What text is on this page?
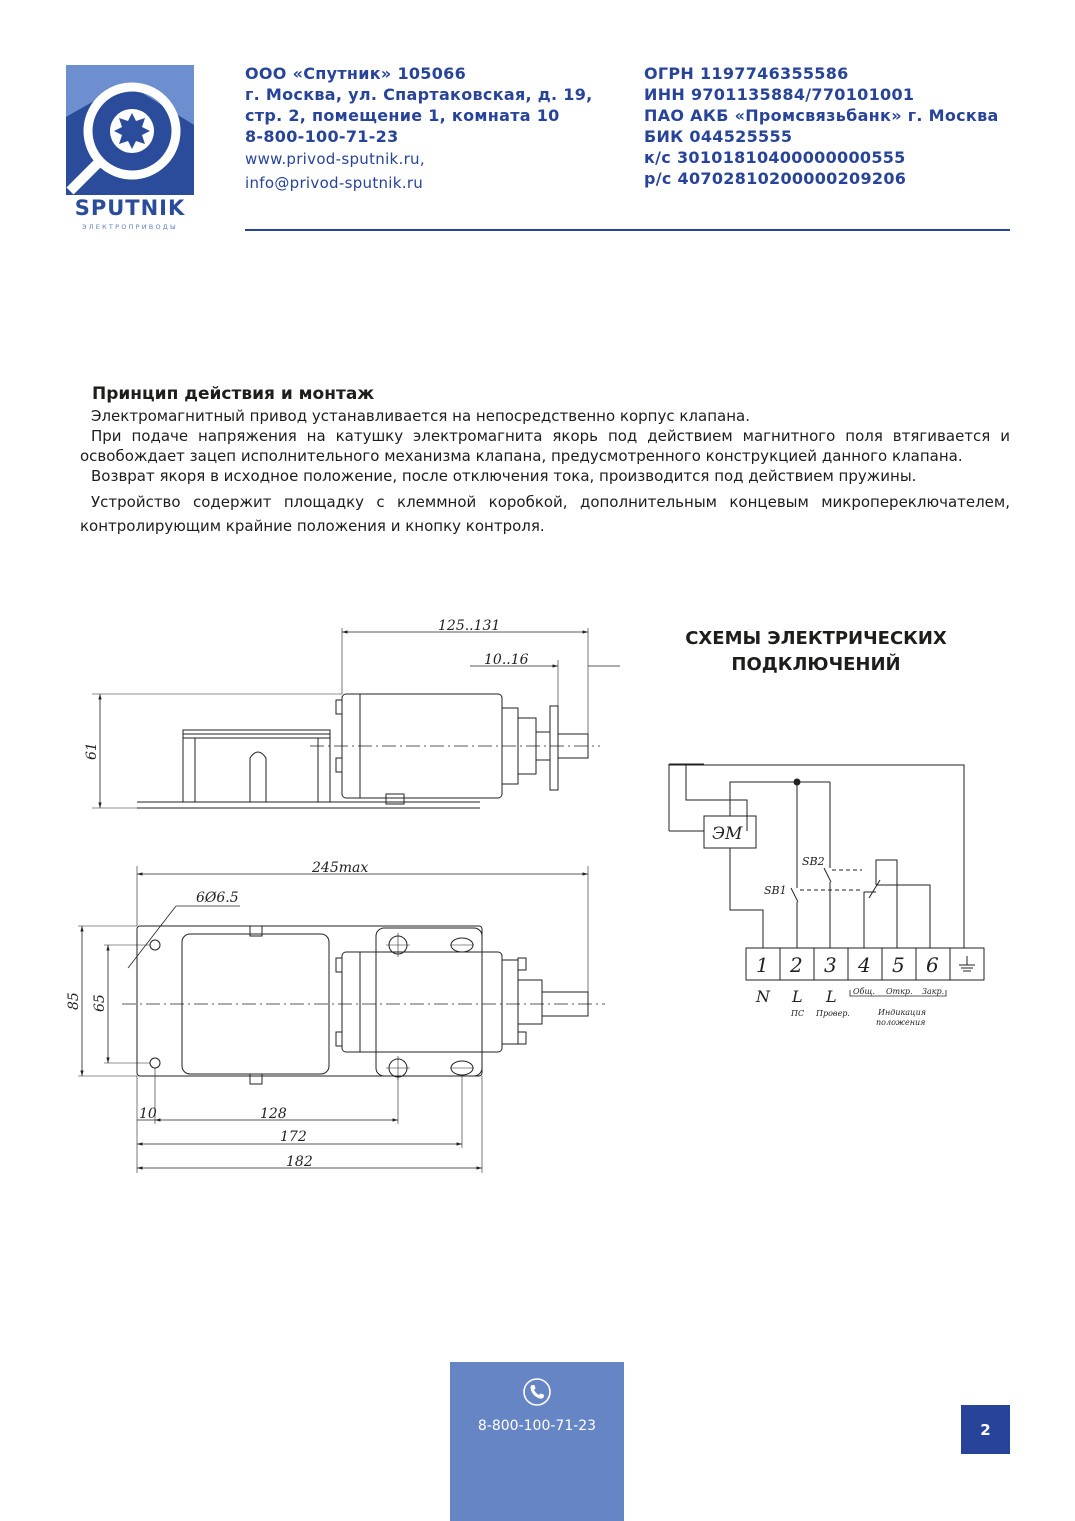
SPUTNIK
ЭЛЕКТРОПРИВОДЫ
ООО «Спутник» 105066
г. Москва, ул. Спартаковская, д. 19,
стр. 2, помещение 1, комната 10
8-800-100-71-23
www.privod-sputnik.ru,
info@privod-sputnik.ru
ОГРН 1197746355586
ИНН 9701135884/770101001
ПАО АКБ «Промсвязьбанк» г. Москва
БИК 044525555
к/с 30101810400000000555
р/с 40702810200000209206
Принцип действия и монтаж

Электромагнитный привод устанавливается на непосредственно корпус клапана.

При подаче напряжения на катушку электромагнита якорь под действием магнитного поля втягивается и освобождает зацеп исполнительного механизма клапана, предусмотренного конструкцией данного клапана.

Возврат якоря в исходное положение, после отключения тока, производится под действием пружины.

Устройство содержит площадку с клеммной коробкой, дополнительным концевым микропереключателем, контролирующим крайние положения и кнопку контроля.

125..131
10..16
61
245max
6Ø6.5
85 65
10	128
172
182
СХЕМЫ ЭЛЕКТРИЧЕСКИХ
ПОДКЛЮЧЕНИЙ
ЭМ
SB2
SB1
1 2 3 4 5 6
N L L
ПС Провер.
Общ. Откр. Закр.
Индикация
положения
8-800-100-71-23	2
